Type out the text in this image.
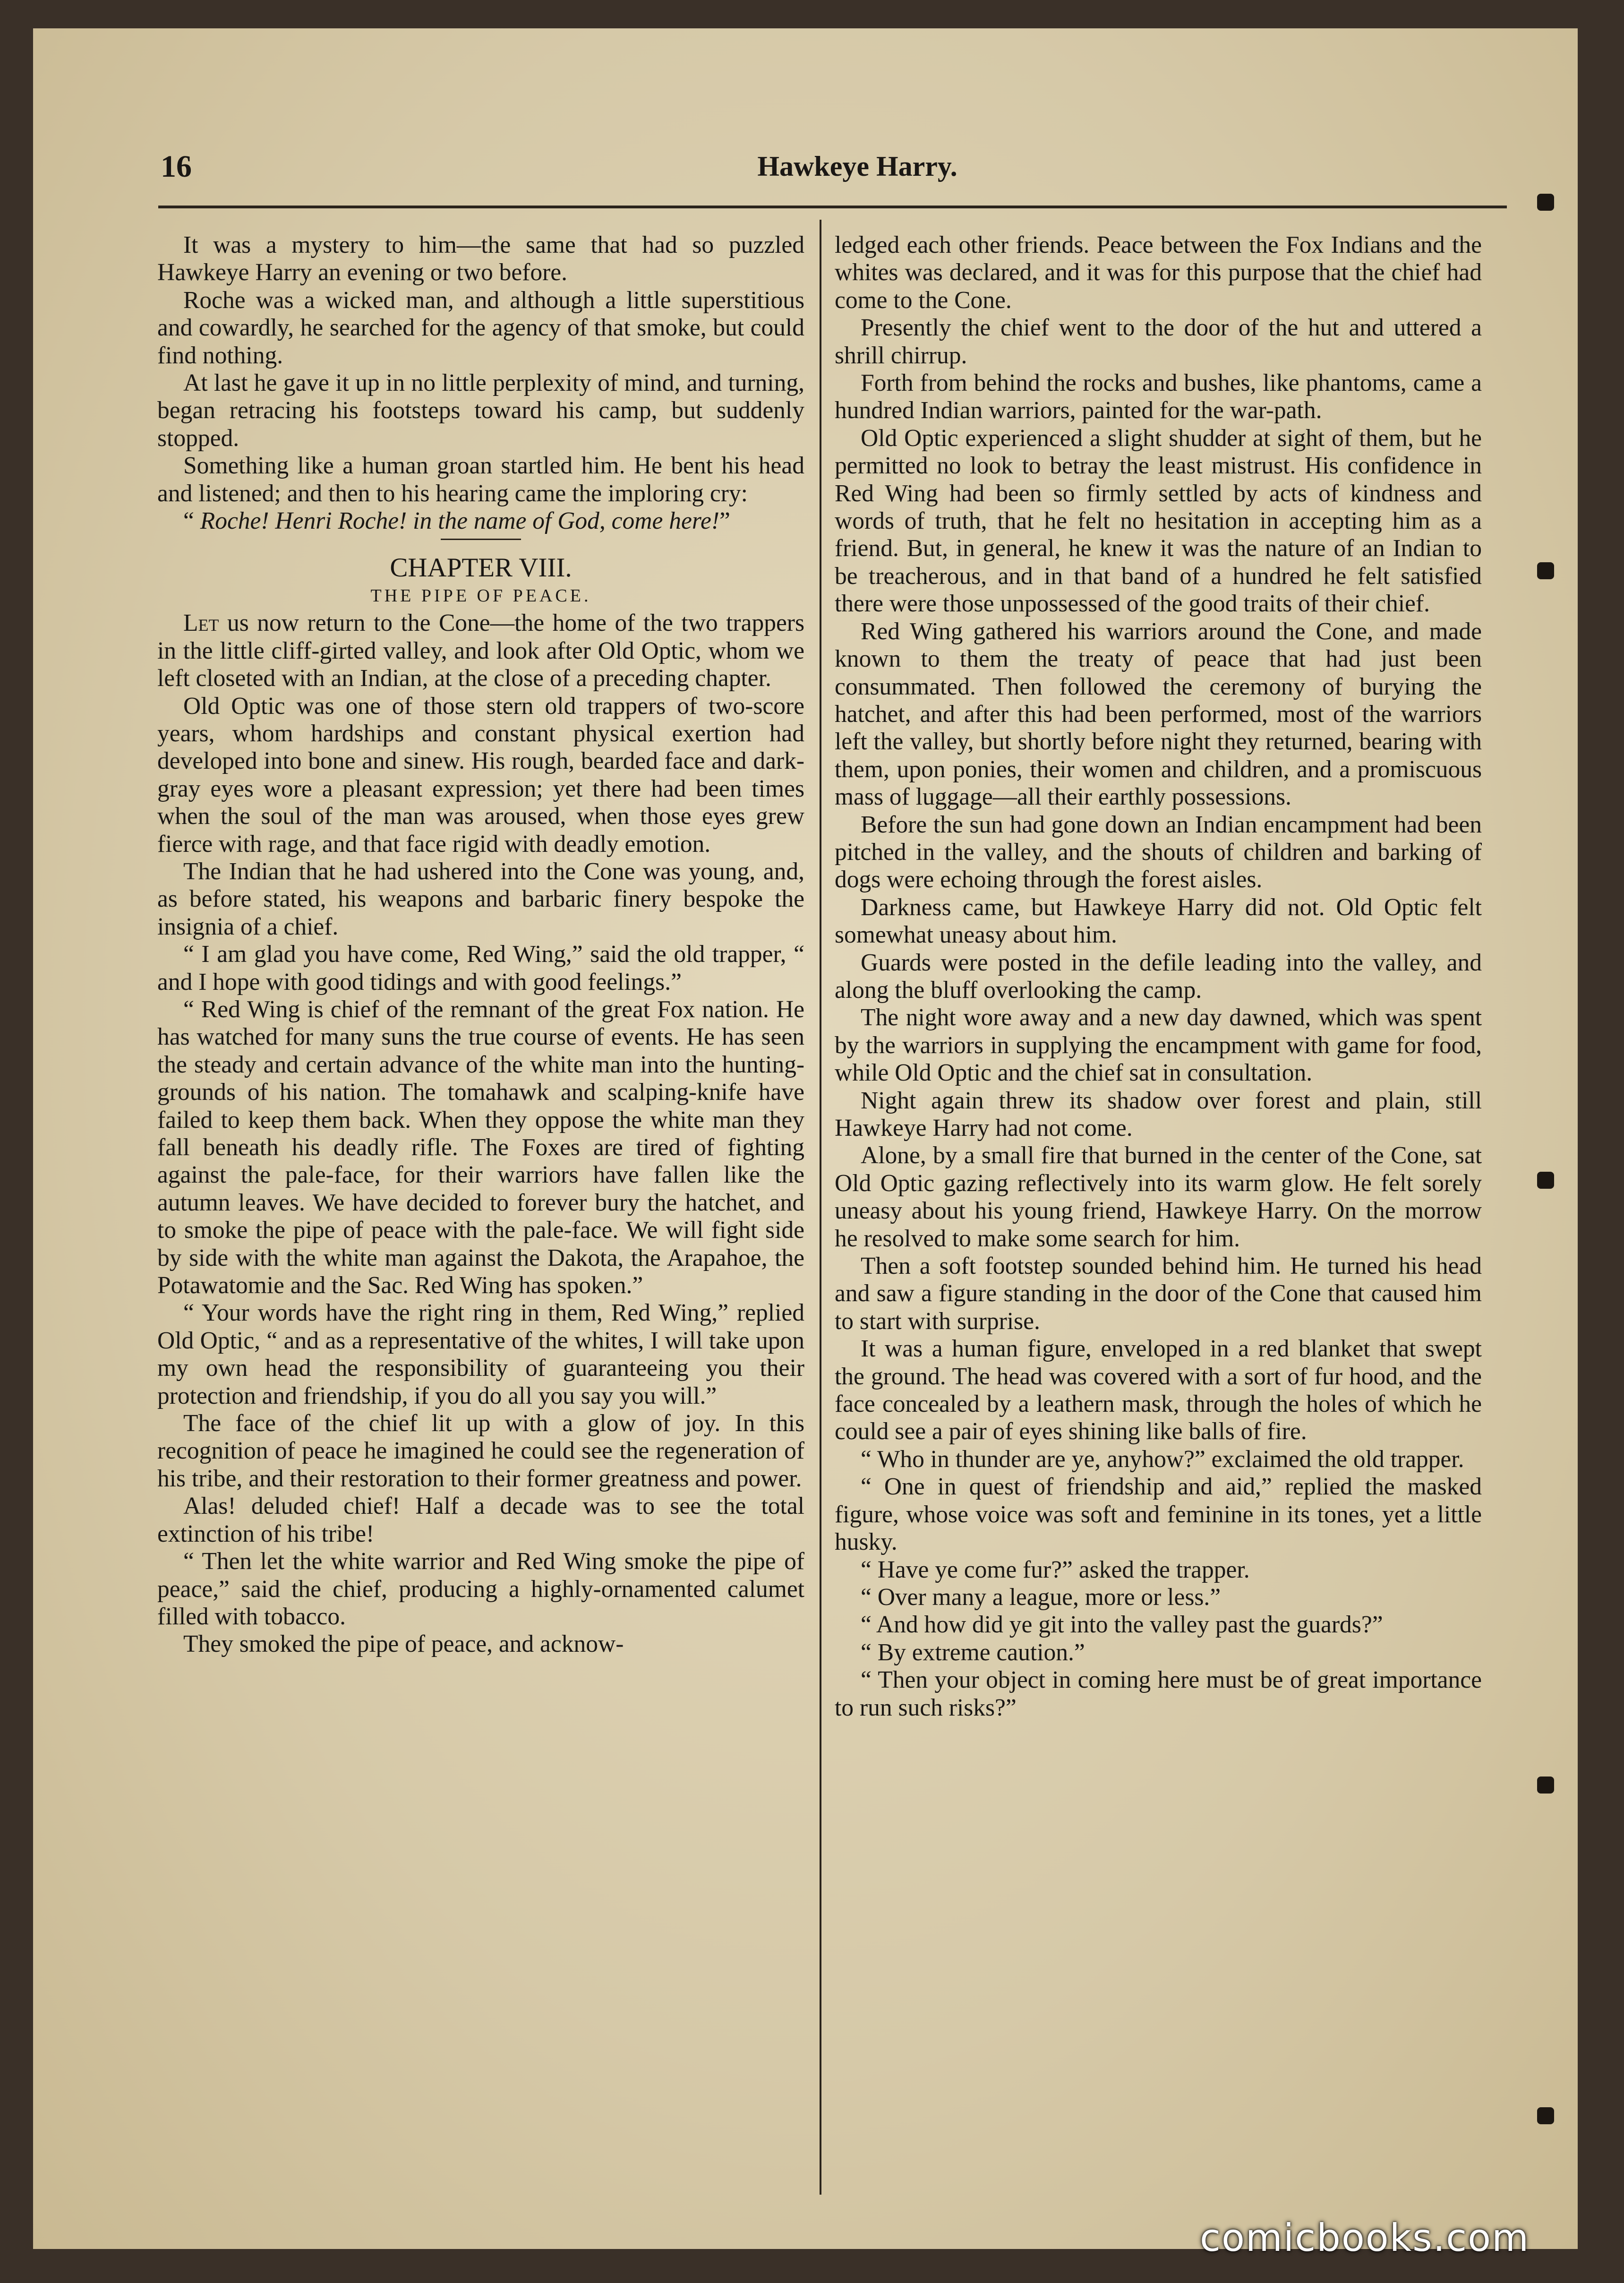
16	Hawkeye Harry.

It was a mystery to him—the same that had so puzzled Hawkeye Harry an evening or two before.

Roche was a wicked man, and although a little superstitious and cowardly, he searched for the agency of that smoke, but could find nothing.

At last he gave it up in no little perplexity of mind, and turning, began retracing his footsteps toward his camp, but suddenly stopped.

Something like a human groan startled him. He bent his head and listened; and then to his hearing came the imploring cry:

“ Roche! Henri Roche! in the name of God, come here!”

CHAPTER VIII.

THE PIPE OF PEACE.

Let us now return to the Cone—the home of the two trappers in the little cliff-girted valley, and look after Old Optic, whom we left closeted with an Indian, at the close of a preceding chapter.

Old Optic was one of those stern old trappers of two-score years, whom hardships and constant physical exertion had developed into bone and sinew. His rough, bearded face and dark-gray eyes wore a pleasant expression; yet there had been times when the soul of the man was aroused, when those eyes grew fierce with rage, and that face rigid with deadly emotion.

The Indian that he had ushered into the Cone was young, and, as before stated, his weapons and barbaric finery bespoke the insignia of a chief.

“ I am glad you have come, Red Wing,” said the old trapper, “ and I hope with good tidings and with good feelings.”

“ Red Wing is chief of the remnant of the great Fox nation. He has watched for many suns the true course of events. He has seen the steady and certain advance of the white man into the hunting-grounds of his nation. The tomahawk and scalping-knife have failed to keep them back. When they oppose the white man they fall beneath his deadly rifle. The Foxes are tired of fighting against the pale-face, for their warriors have fallen like the autumn leaves. We have decided to forever bury the hatchet, and to smoke the pipe of peace with the pale-face. We will fight side by side with the white man against the Dakota, the Arapahoe, the Potawatomie and the Sac. Red Wing has spoken.”

“ Your words have the right ring in them, Red Wing,” replied Old Optic, “ and as a representative of the whites, I will take upon my own head the responsibility of guaranteeing you their protection and friendship, if you do all you say you will.”

The face of the chief lit up with a glow of joy. In this recognition of peace he imagined he could see the regeneration of his tribe, and their restoration to their former greatness and power.

Alas! deluded chief! Half a decade was to see the total extinction of his tribe!

“ Then let the white warrior and Red Wing smoke the pipe of peace,” said the chief, producing a highly-ornamented calumet filled with tobacco.

They smoked the pipe of peace, and acknow-

ledged each other friends. Peace between the Fox Indians and the whites was declared, and it was for this purpose that the chief had come to the Cone.

Presently the chief went to the door of the hut and uttered a shrill chirrup.

Forth from behind the rocks and bushes, like phantoms, came a hundred Indian warriors, painted for the war-path.

Old Optic experienced a slight shudder at sight of them, but he permitted no look to betray the least mistrust. His confidence in Red Wing had been so firmly settled by acts of kindness and words of truth, that he felt no hesitation in accepting him as a friend. But, in general, he knew it was the nature of an Indian to be treacherous, and in that band of a hundred he felt satisfied there were those unpossessed of the good traits of their chief.

Red Wing gathered his warriors around the Cone, and made known to them the treaty of peace that had just been consummated. Then followed the ceremony of burying the hatchet, and after this had been performed, most of the warriors left the valley, but shortly before night they returned, bearing with them, upon ponies, their women and children, and a promiscuous mass of luggage—all their earthly possessions.

Before the sun had gone down an Indian encampment had been pitched in the valley, and the shouts of children and barking of dogs were echoing through the forest aisles.

Darkness came, but Hawkeye Harry did not. Old Optic felt somewhat uneasy about him.

Guards were posted in the defile leading into the valley, and along the bluff overlooking the camp.

The night wore away and a new day dawned, which was spent by the warriors in supplying the encampment with game for food, while Old Optic and the chief sat in consultation.

Night again threw its shadow over forest and plain, still Hawkeye Harry had not come.

Alone, by a small fire that burned in the center of the Cone, sat Old Optic gazing reflectively into its warm glow. He felt sorely uneasy about his young friend, Hawkeye Harry. On the morrow he resolved to make some search for him.

Then a soft footstep sounded behind him. He turned his head and saw a figure standing in the door of the Cone that caused him to start with surprise.

It was a human figure, enveloped in a red blanket that swept the ground. The head was covered with a sort of fur hood, and the face concealed by a leathern mask, through the holes of which he could see a pair of eyes shining like balls of fire.

“ Who in thunder are ye, anyhow?” exclaimed the old trapper.

“ One in quest of friendship and aid,” replied the masked figure, whose voice was soft and feminine in its tones, yet a little husky.

“ Have ye come fur?” asked the trapper.

“ Over many a league, more or less.”

“ And how did ye git into the valley past the guards?”

“ By extreme caution.”

“ Then your object in coming here must be of great importance to run such risks?”

comicbooks.com
